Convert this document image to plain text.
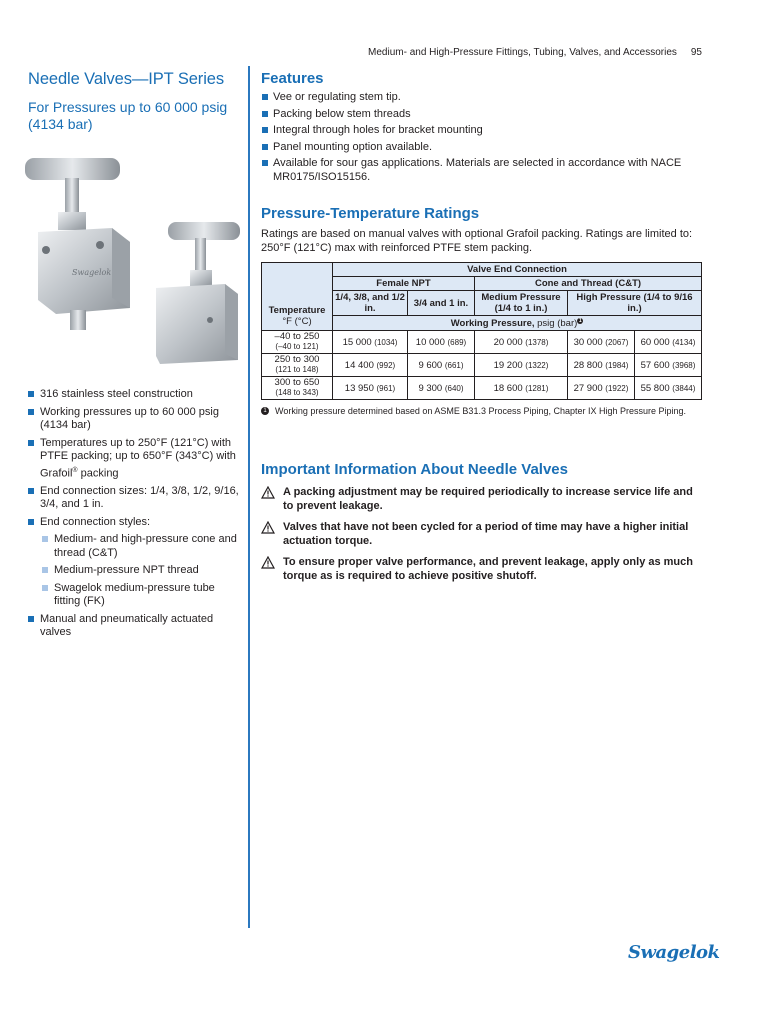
Medium- and High-Pressure Fittings, Tubing, Valves, and Accessories 95
Needle Valves—IPT Series
For Pressures up to 60 000 psig (4134 bar)
Swagelok
316 stainless steel construction
Working pressures up to 60 000 psig (4134 bar)
Temperatures up to 250°F (121°C) with PTFE packing; up to 650°F (343°C) with Grafoil® packing
End connection sizes: 1/4, 3/8, 1/2, 9/16, 3/4, and 1 in.
End connection styles:
Medium- and high-pressure cone and thread (C&T)
Medium-pressure NPT thread
Swagelok medium-pressure tube fitting (FK)
Manual and pneumatically actuated valves
Features
Vee or regulating stem tip.
Packing below stem threads
Integral through holes for bracket mounting
Panel mounting option available.
Available for sour gas applications. Materials are selected in accordance with NACE MR0175/ISO15156.
Pressure-Temperature Ratings
Ratings are based on manual valves with optional Grafoil packing. Ratings are limited to: 250°F (121°C) max with reinforced PTFE stem packing.
Temperature
°F (°C)	Valve End Connection				
	Female NPT		Cone and Thread (C&T)		
	1/4, 3/8, and 1/2 in.	3/4 and 1 in.	Medium Pressure (1/4 to 1 in.)	High Pressure (1/4 to 9/16 in.)	
	Working Pressure, psig (bar) 1				
–40 to 250
(–40 to 121)	15 000 (1034)	10 000 (689)	20 000 (1378)	30 000 (2067)	60 000 (4134)
250 to 300
(121 to 148)	14 400 (992)	9 600 (661)	19 200 (1322)	28 800 (1984)	57 600 (3968)
300 to 650
(148 to 343)	13 950 (961)	9 300 (640)	18 600 (1281)	27 900 (1922)	55 800 (3844)
1 Working pressure determined based on ASME B31.3 Process Piping, Chapter IX High Pressure Piping.
Important Information About Needle Valves
A packing adjustment may be required periodically to increase service life and to prevent leakage.
Valves that have not been cycled for a period of time may have a higher initial actuation torque.
To ensure proper valve performance, and prevent leakage, apply only as much torque as is required to achieve positive shutoff.
Swagelok
